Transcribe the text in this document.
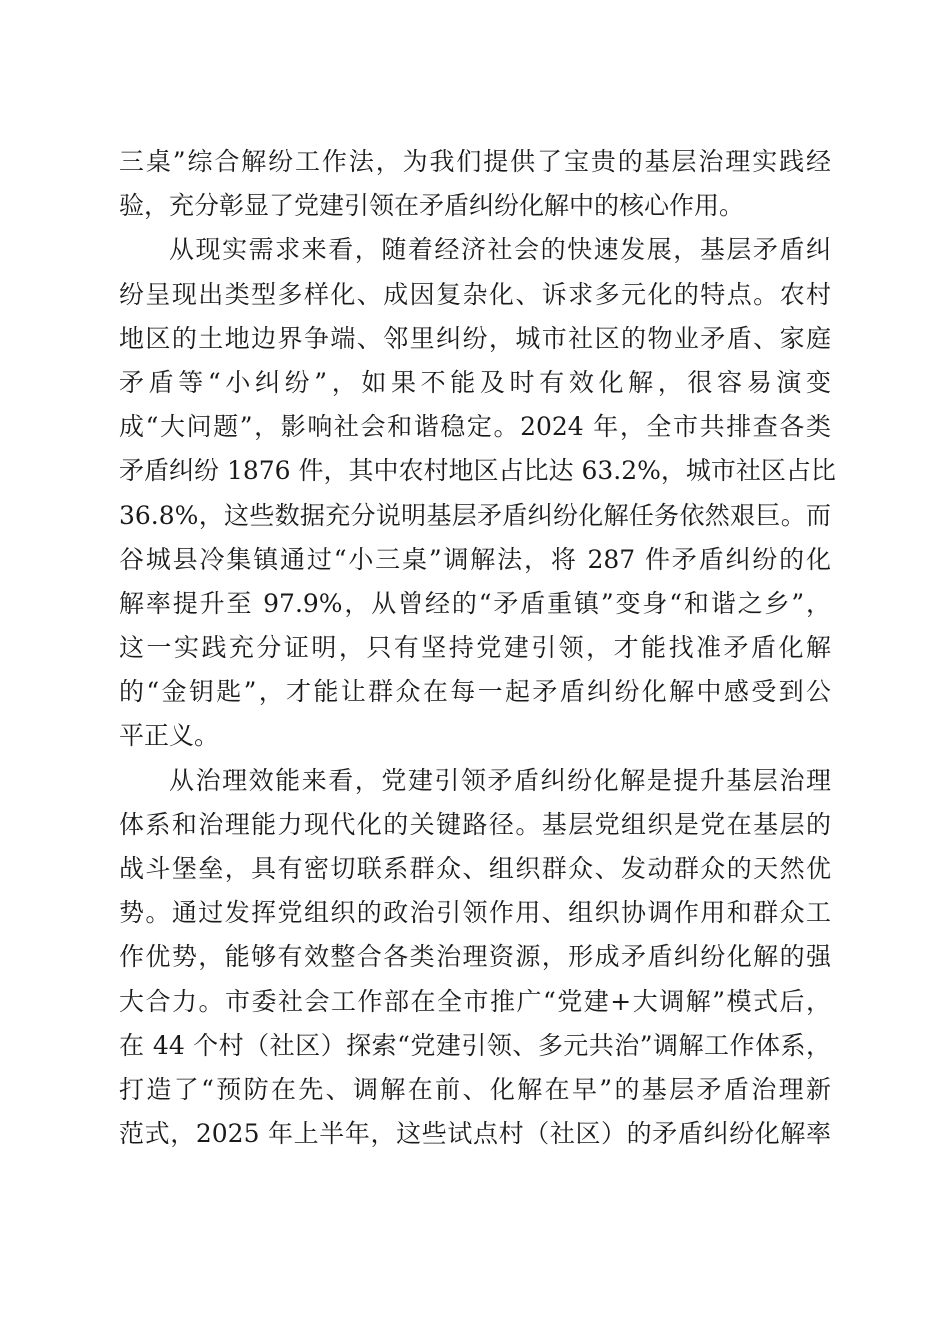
三桌”综合解纷工作法，为我们提供了宝贵的基层治理实践经
验，充分彰显了党建引领在矛盾纠纷化解中的核心作用。
从现实需求来看，随着经济社会的快速发展，基层矛盾纠
纷呈现出类型多样化、成因复杂化、诉求多元化的特点。农村
地区的土地边界争端、邻里纠纷，城市社区的物业矛盾、家庭
矛盾等“小纠纷”，如果不能及时有效化解，很容易演变
成“大问题”，影响社会和谐稳定。2024 年，全市共排查各类
矛盾纠纷 1876 件，其中农村地区占比达 63.2%，城市社区占比
36.8%，这些数据充分说明基层矛盾纠纷化解任务依然艰巨。而
谷城县冷集镇通过“小三桌”调解法，将 287 件矛盾纠纷的化
解率提升至 97.9%，从曾经的“矛盾重镇”变身“和谐之乡”，
这一实践充分证明，只有坚持党建引领，才能找准矛盾化解
的“金钥匙”，才能让群众在每一起矛盾纠纷化解中感受到公
平正义。
从治理效能来看，党建引领矛盾纠纷化解是提升基层治理
体系和治理能力现代化的关键路径。基层党组织是党在基层的
战斗堡垒，具有密切联系群众、组织群众、发动群众的天然优
势。通过发挥党组织的政治引领作用、组织协调作用和群众工
作优势，能够有效整合各类治理资源，形成矛盾纠纷化解的强
大合力。市委社会工作部在全市推广“党建+大调解”模式后，
在 44 个村（社区）探索“党建引领、多元共治”调解工作体系，
打造了“预防在先、调解在前、化解在早”的基层矛盾治理新
范式，2025 年上半年，这些试点村（社区）的矛盾纠纷化解率
